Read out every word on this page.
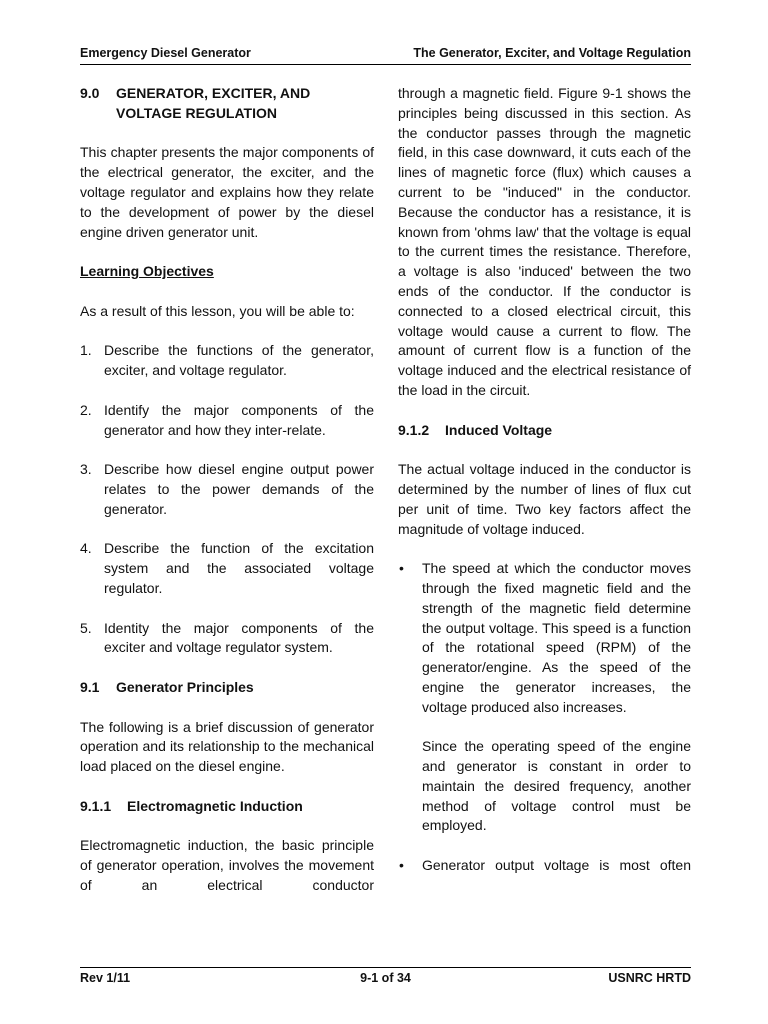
Emergency Diesel Generator	The Generator, Exciter, and Voltage Regulation
9.0 GENERATOR, EXCITER, AND VOLTAGE REGULATION

This chapter presents the major components of the electrical generator, the exciter, and the voltage regulator and explains how they relate to the development of power by the diesel engine driven generator unit.

Learning Objectives

As a result of this lesson, you will be able to:

1. Describe the functions of the generator, exciter, and voltage regulator.
2. Identify the major components of the generator and how they inter-relate.
3. Describe how diesel engine output power relates to the power demands of the generator.
4. Describe the function of the excitation system and the associated voltage regulator.
5. Identity the major components of the exciter and voltage regulator system.
9.1 Generator Principles

The following is a brief discussion of generator operation and its relationship to the mechanical load placed on the diesel engine.

9.1.1 Electromagnetic Induction

Electromagnetic induction, the basic principle of generator operation, involves the movement of an electrical conductor

through a magnetic field. Figure 9-1 shows the principles being discussed in this section. As the conductor passes through the magnetic field, in this case downward, it cuts each of the lines of magnetic force (flux) which causes a current to be "induced" in the conductor. Because the conductor has a resistance, it is known from 'ohms law' that the voltage is equal to the current times the resistance. Therefore, a voltage is also 'induced' between the two ends of the conductor. If the conductor is connected to a closed electrical circuit, this voltage would cause a current to flow. The amount of current flow is a function of the voltage induced and the electrical resistance of the load in the circuit.

9.1.2 Induced Voltage

The actual voltage induced in the conductor is determined by the number of lines of flux cut per unit of time. Two key factors affect the magnitude of voltage induced.

• The speed at which the conductor moves through the fixed magnetic field and the strength of the magnetic field determine the output voltage. This speed is a function of the rotational speed (RPM) of the generator/engine. As the speed of the engine the generator increases, the voltage produced also increases.
Since the operating speed of the engine and generator is constant in order to maintain the desired frequency, another method of voltage control must be employed.
• Generator output voltage is most often
Rev 1/11	9-1 of 34	USNRC HRTD
